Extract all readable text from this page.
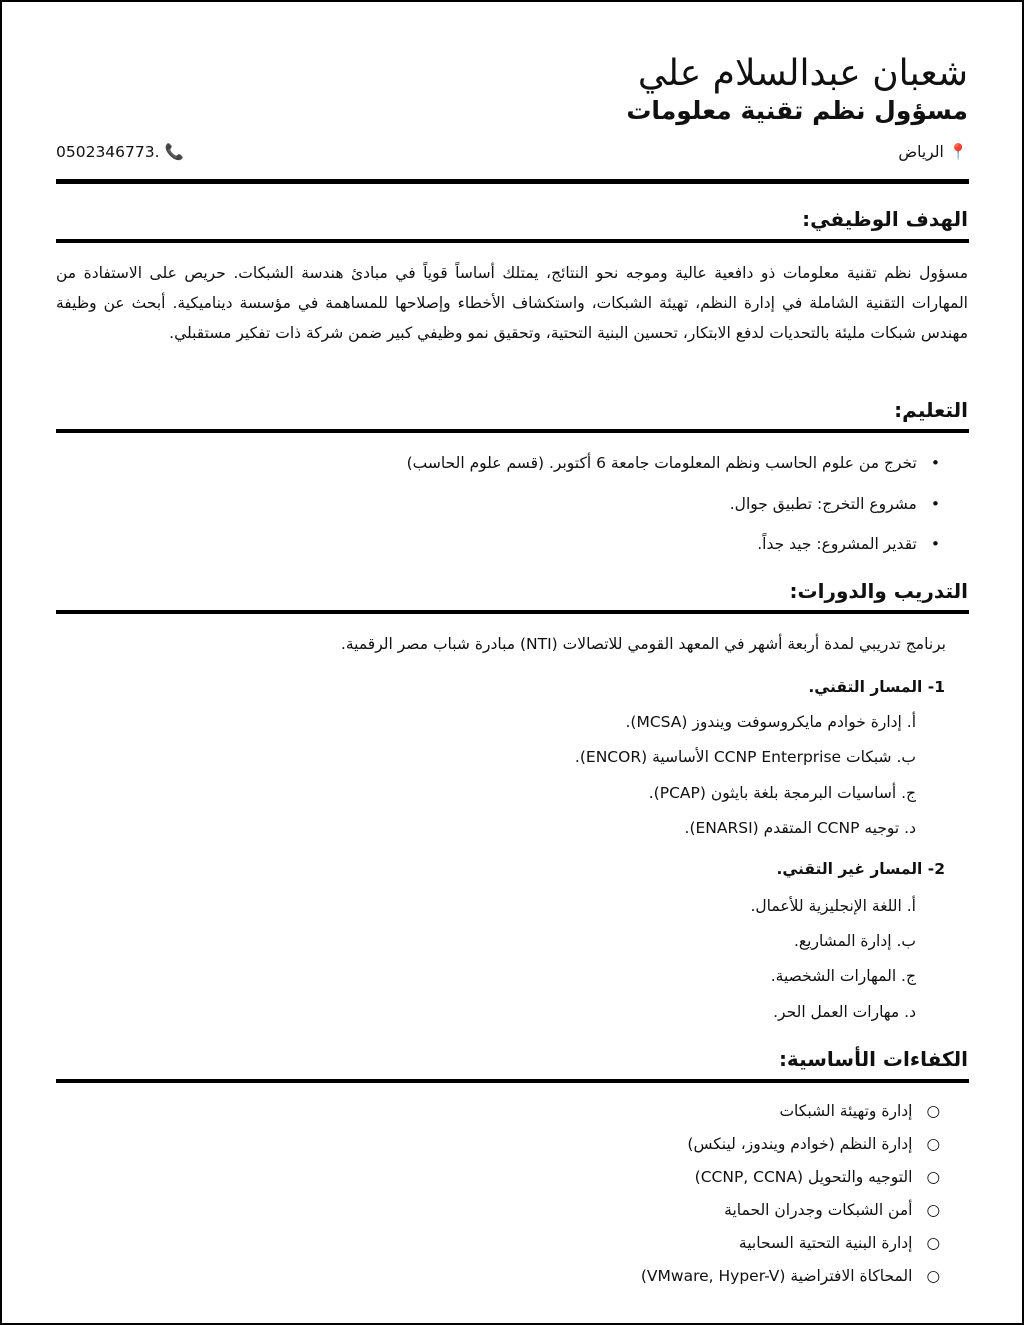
شعبان عبدالسلام علي
مسؤول نظم تقنية معلومات
📍 الرياض
0502346773. 📞
الهدف الوظيفي:
مسؤول نظم تقنية معلومات ذو دافعية عالية وموجه نحو النتائج، يمتلك أساساً قوياً في مبادئ هندسة الشبكات. حريص على الاستفادة من المهارات التقنية الشاملة في إدارة النظم، تهيئة الشبكات، واستكشاف الأخطاء وإصلاحها للمساهمة في مؤسسة ديناميكية. أبحث عن وظيفة مهندس شبكات مليئة بالتحديات لدفع الابتكار، تحسين البنية التحتية، وتحقيق نمو وظيفي كبير ضمن شركة ذات تفكير مستقبلي.
التعليم:
•تخرج من علوم الحاسب ونظم المعلومات جامعة 6 أكتوبر. (قسم علوم الحاسب)
•مشروع التخرج: تطبيق جوال.
•تقدير المشروع: جيد جداً.
التدريب والدورات:
برنامج تدريبي لمدة أربعة أشهر في المعهد القومي للاتصالات (NTI) مبادرة شباب مصر الرقمية.
1- المسار التقني.
أ. إدارة خوادم مايكروسوفت ويندوز (MCSA).
ب. شبكات CCNP Enterprise الأساسية (ENCOR).
ج. أساسيات البرمجة بلغة بايثون (PCAP).
د. توجيه CCNP المتقدم (ENARSI).
2- المسار غير التقني.
أ. اللغة الإنجليزية للأعمال.
ب. إدارة المشاريع.
ج. المهارات الشخصية.
د. مهارات العمل الحر.
الكفاءات الأساسية:
○إدارة وتهيئة الشبكات
○إدارة النظم (خوادم ويندوز، لينكس)
○التوجيه والتحويل (CCNP, CCNA)
○أمن الشبكات وجدران الحماية
○إدارة البنية التحتية السحابية
○المحاكاة الافتراضية (VMware, Hyper-V)
